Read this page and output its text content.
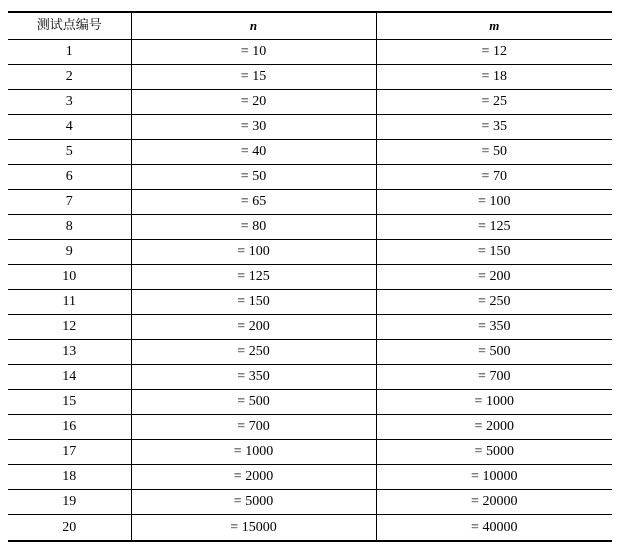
测试点编号	n	m
1	= 10	= 12
2	= 15	= 18
3	= 20	= 25
4	= 30	= 35
5	= 40	= 50
6	= 50	= 70
7	= 65	= 100
8	= 80	= 125
9	= 100	= 150
10	= 125	= 200
11	= 150	= 250
12	= 200	= 350
13	= 250	= 500
14	= 350	= 700
15	= 500	= 1000
16	= 700	= 2000
17	= 1000	= 5000
18	= 2000	= 10000
19	= 5000	= 20000
20	= 15000	= 40000
